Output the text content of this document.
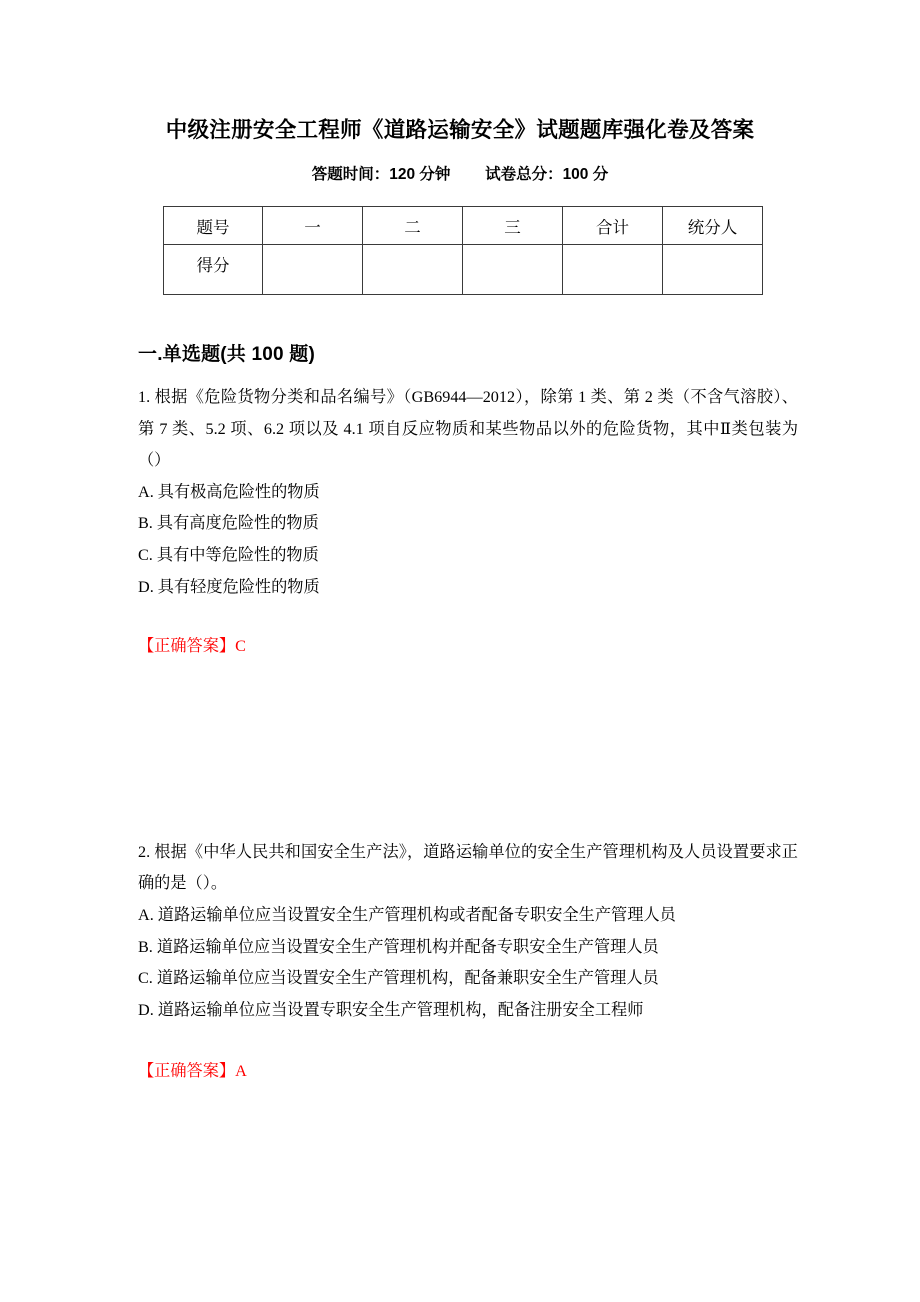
中级注册安全工程师《道路运输安全》试题题库强化卷及答案
答题时间：120 分钟 试卷总分：100 分
题号	一	二	三	合计	统分人
得分					
一.单选题(共 100 题)

1. 根据《危险货物分类和品名编号》（GB6944—2012），除第 1 类、第 2 类（不含气溶胶）、第 7 类、5.2 项、6.2 项以及 4.1 项自反应物质和某些物品以外的危险货物，其中Ⅱ类包装为（）

A. 具有极高危险性的物质

B. 具有高度危险性的物质

C. 具有中等危险性的物质

D. 具有轻度危险性的物质

【正确答案】C

2. 根据《中华人民共和国安全生产法》，道路运输单位的安全生产管理机构及人员设置要求正确的是（）。

A. 道路运输单位应当设置安全生产管理机构或者配备专职安全生产管理人员

B. 道路运输单位应当设置安全生产管理机构并配备专职安全生产管理人员

C. 道路运输单位应当设置安全生产管理机构，配备兼职安全生产管理人员

D. 道路运输单位应当设置专职安全生产管理机构，配备注册安全工程师

【正确答案】A
